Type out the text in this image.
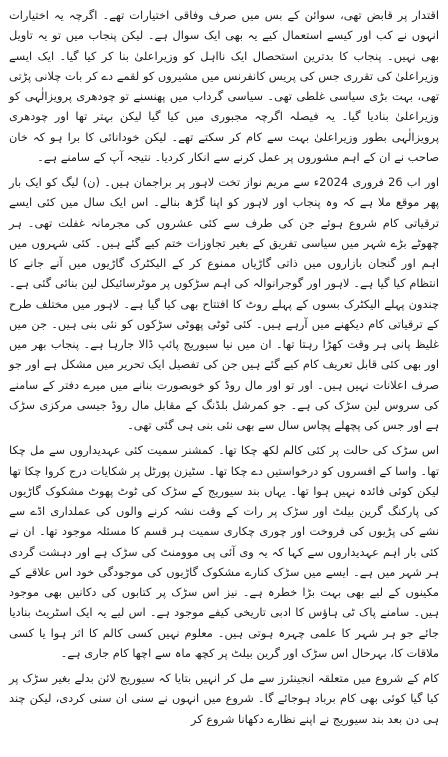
اقتدار پر قابض تھی، سوائن کے بس میں صرف وفاقی اختیارات تھے۔ اگرچہ یہ اختیارات انہوں نے کب اور کیسے استعمال کیے یہ بھی ایک سوال ہے۔ لیکن پنجاب میں تو یہ تاویل بھی نہیں۔ پنجاب کا بدترین استحصال ایک نااہل کو وزیراعلیٰ بنا کر کیا گیا۔ ایک ایسے وزیراعلیٰ کی تقرری جس کی پریس کانفرنس میں مشیروں کو لقمے دے کر بات چلانی پڑتی تھی، بہت بڑی سیاسی غلطی تھی۔ سیاسی گرداب میں پھنسنے تو چودھری پرویزالٰہی کو وزیراعلیٰ بنادیا گیا۔ یہ فیصلہ اگرچہ مجبوری میں کیا گیا لیکن بہتر تھا اور چودھری پرویزالٰہی بطور وزیراعلیٰ بہت سے کام کر سکتے تھے۔ لیکن خودانائی کا برا ہو کہ خان صاحب نے ان کے اہم مشوروں پر عمل کرنے سے انکار کردیا۔ نتیجہ آپ کے سامنے ہے۔

اور اب 26 فروری 2024ء سے مریم نواز تخت لاہور پر براجمان ہیں۔ (ن) لیگ کو ایک بار پھر موقع ملا ہے کہ وہ پنجاب اور لاہور کو اپنا گڑھ بنالے۔ اس ایک سال میں کئی ایسے ترقیاتی کام شروع ہوئے جن کی طرف سے کئی عشروں کی مجرمانہ غفلت تھی۔ ہر چھوٹے بڑے شہر میں سیاسی تفریق کے بغیر تجاوزات ختم کیے گئے ہیں۔ کئی شہروں میں اہم اور گنجان بازاروں میں ذاتی گاڑیاں ممنوع کر کے الیکٹرک گاڑیوں میں آنے جانے کا انتظام کیا گیا ہے۔ لاہور اور گوجرانوالہ کی اہم سڑکوں پر موٹرسائیکل لین بنائی گئی ہے۔ چندون پہلے الیکٹرک بسوں کے پہلے روٹ کا افتتاح بھی کیا گیا ہے۔ لاہور میں مختلف طرح کے ترقیاتی کام دیکھنے میں آرہے ہیں۔ کئی ٹوٹی پھوٹی سڑکوں کو نئی بنی ہیں۔ جن میں غلیظ پانی ہر وقت کھڑا رہتا تھا۔ ان میں نیا سیوریج پائپ ڈالا جارہا ہے۔ پنجاب بھر میں اور بھی کئی قابل تعریف کام کیے گئے ہیں جن کی تفصیل ایک تحریر میں مشکل ہے اور جو صرف اعلانات نہیں ہیں۔ اور تو اور مال روڈ کو خوبصورت بنانے میں میرے دفتر کے سامنے کی سروس لین سڑک کی ہے۔ جو کمرشل بلڈنگ کے مقابل مال روڈ جیسی مرکزی سڑک ہے اور جس کی پچھلے پچاس سال سے بھی نئی بنی ہی گئی تھی۔

اس سڑک کی حالت پر کئی کالم لکھ چکا تھا۔ کمشنر سمیت کئی عہدیداروں سے مل چکا تھا۔ واسا کے افسروں کو درخواستیں دے چکا تھا۔ سٹیزن پورٹل پر شکایات درج کروا چکا تھا لیکن کوئی فائدہ نہیں ہوا تھا۔ یہاں بند سیوریج کے سڑک کی ٹوٹ پھوٹ مشکوک گاڑیوں کی پارکنگ گرین بیلٹ اور سڑک پر رات کے وقت نشہ کرنے والوں کی عملداری اڈے سے نشے کی پڑیوں کی فروخت اور چوری چکاری سمیت ہر قسم کا مسئلہ موجود تھا۔ ان نے کئی بار اہم عہدیداروں سے کہا کہ یہ وی آئی پی موومنٹ کی سڑک ہے اور دہشت گردی ہر شہر میں ہے۔ ایسے میں سڑک کنارے مشکوک گاڑیوں کی موجودگی خود اس علاقے کے مکینوں کے لیے بھی بہت بڑا خطرہ ہے۔ نیز اس سڑک پر کتابوں کی دکانیں بھی موجود ہیں۔ سامنے پاک ٹی ہاؤس کا ادبی تاریخی کیفے موجود ہے۔ اس لیے یہ ایک اسٹریٹ بنادیا جائے جو ہر شہر کا علمی چہرہ ہوتی ہیں۔ معلوم نہیں کسی کالم کا اثر ہوا یا کسی ملاقات کا، بہرحال اس سڑک اور گرین بیلٹ پر کچھ ماہ سے اچھا کام جاری ہے۔

کام کے شروع میں متعلقہ انجینئرز سے مل کر انہیں بتایا کہ سیوریج لائن بدلے بغیر سڑک پر کیا گیا کوئی بھی کام برباد ہوجائے گا۔ شروع میں انہوں نے سنی ان سنی کردی، لیکن چند ہی دن بعد بند سیوریج نے اپنے نظارے دکھانا شروع کر
